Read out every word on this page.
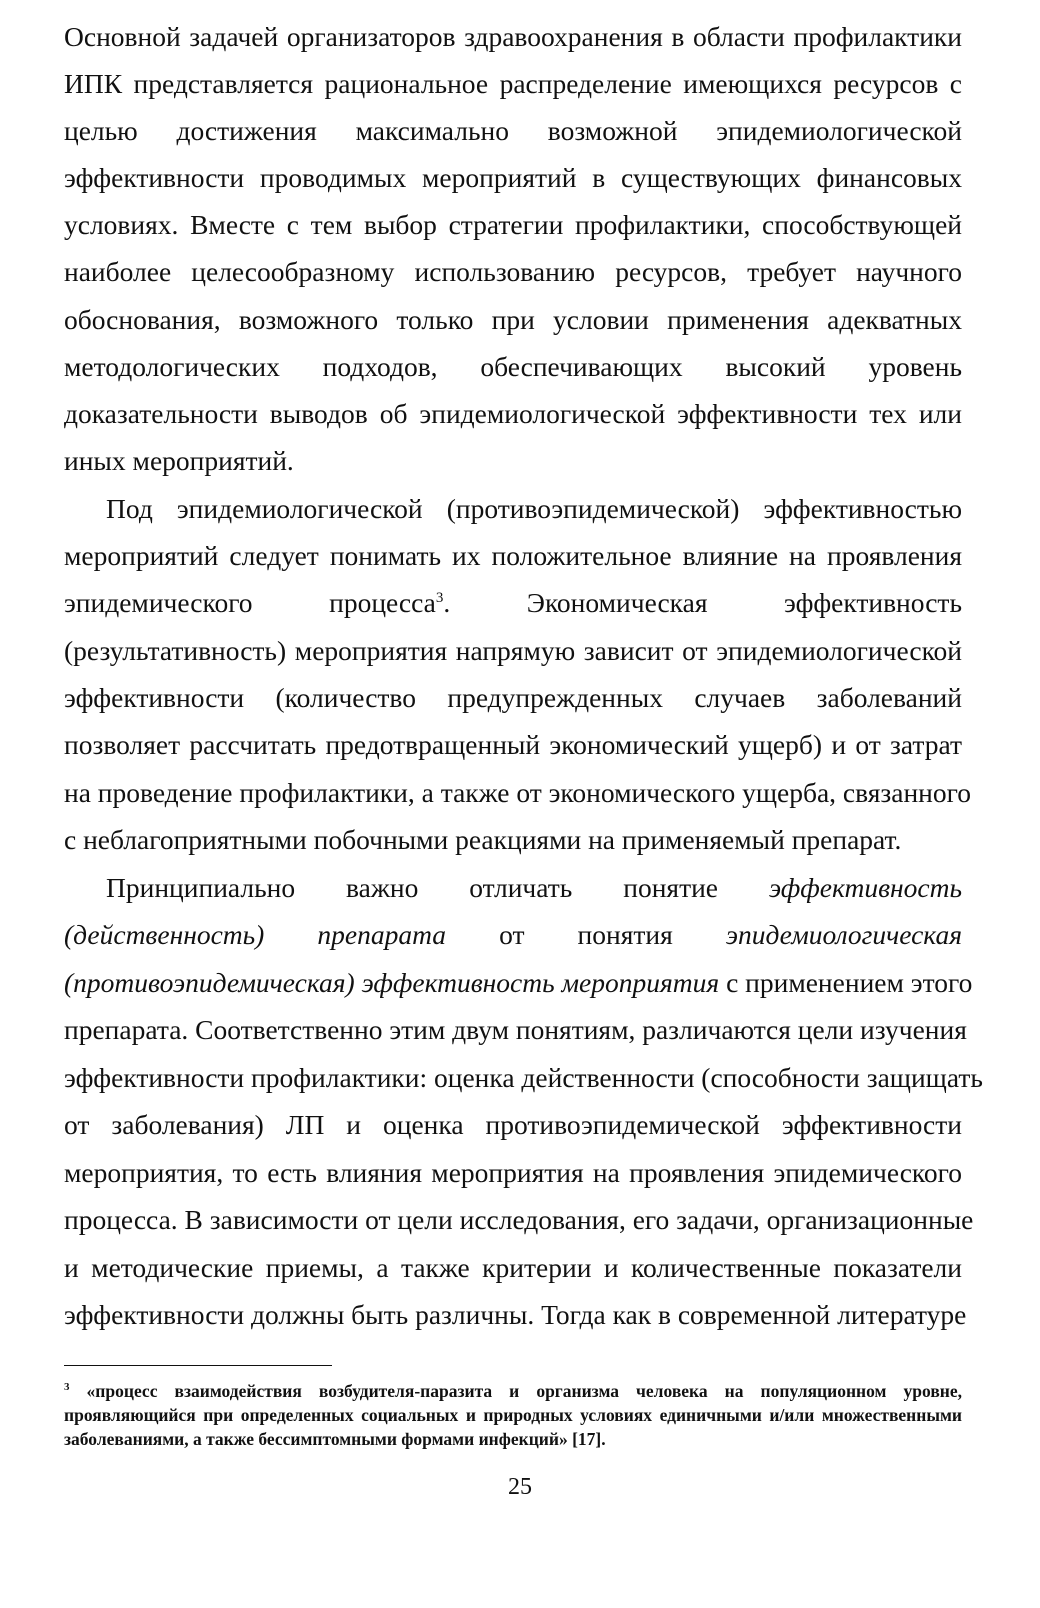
Основной задачей организаторов здравоохранения в области профилактики
ИПК представляется рациональное распределение имеющихся ресурсов с
целью достижения максимально возможной эпидемиологической
эффективности проводимых мероприятий в существующих финансовых
условиях. Вместе с тем выбор стратегии профилактики, способствующей
наиболее целесообразному использованию ресурсов, требует научного
обоснования, возможного только при условии применения адекватных
методологических подходов, обеспечивающих высокий уровень
доказательности выводов об эпидемиологической эффективности тех или
иных мероприятий.
Под эпидемиологической (противоэпидемической) эффективностью
мероприятий следует понимать их положительное влияние на проявления
эпидемического процесса$^3$. Экономическая эффективность
(результативность) мероприятия напрямую зависит от эпидемиологической
эффективности (количество предупрежденных случаев заболеваний
позволяет рассчитать предотвращенный экономический ущерб) и от затрат
на проведение профилактики, а также от экономического ущерба, связанного
с неблагоприятными побочными реакциями на применяемый препарат.
Принципиально важно отличать понятие эффективность
(действенность) препарата от понятия эпидемиологическая
(противоэпидемическая) эффективность мероприятия с применением этого
препарата. Соответственно этим двум понятиям, различаются цели изучения
эффективности профилактики: оценка действенности (способности защищать
от заболевания) ЛП и оценка противоэпидемической эффективности
мероприятия, то есть влияния мероприятия на проявления эпидемического
процесса. В зависимости от цели исследования, его задачи, организационные
и методические приемы, а также критерии и количественные показатели
эффективности должны быть различны. Тогда как в современной литературе
$^3$ «процесс взаимодействия возбудителя-паразита и организма человека на популяционном уровне,
проявляющийся при определенных социальных и природных условиях единичными и/или множественными
заболеваниями, а также бессимптомными формами инфекций» [17].
25
